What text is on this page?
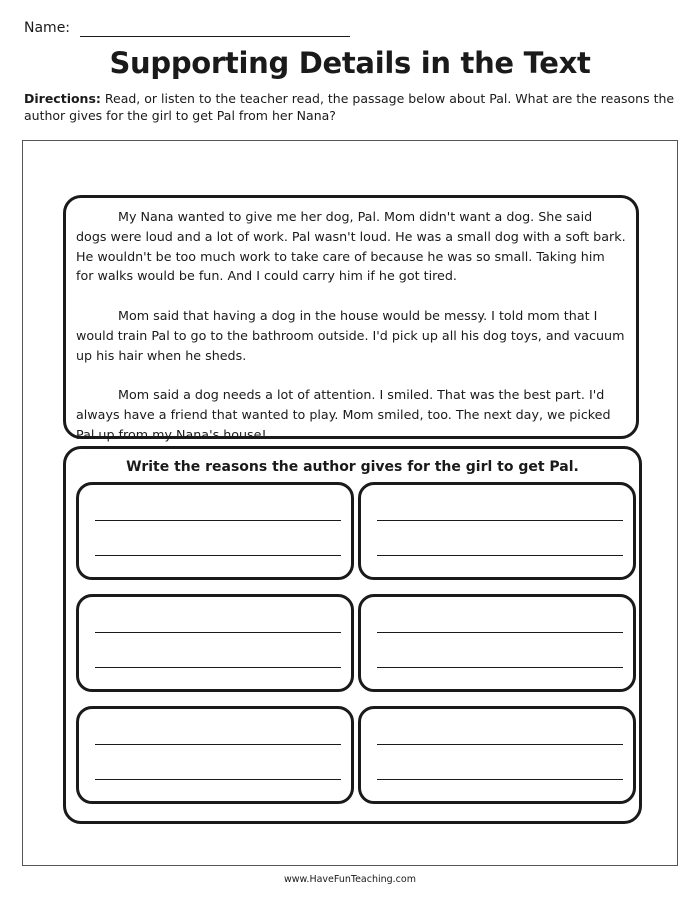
Name:
Supporting Details in the Text

Directions: Read, or listen to the teacher read, the passage below about Pal. What are the reasons the author gives for the girl to get Pal from her Nana?

My Nana wanted to give me her dog, Pal. Mom didn't want a dog. She said dogs were loud and a lot of work. Pal wasn't loud. He was a small dog with a soft bark. He wouldn't be too much work to take care of because he was so small. Taking him for walks would be fun. And I could carry him if he got tired.

Mom said that having a dog in the house would be messy. I told mom that I would train Pal to go to the bathroom outside. I'd pick up all his dog toys, and vacuum up his hair when he sheds.

Mom said a dog needs a lot of attention. I smiled. That was the best part. I'd always have a friend that wanted to play. Mom smiled, too. The next day, we picked Pal up from my Nana's house!

Write the reasons the author gives for the girl to get Pal.
www.HaveFunTeaching.com
